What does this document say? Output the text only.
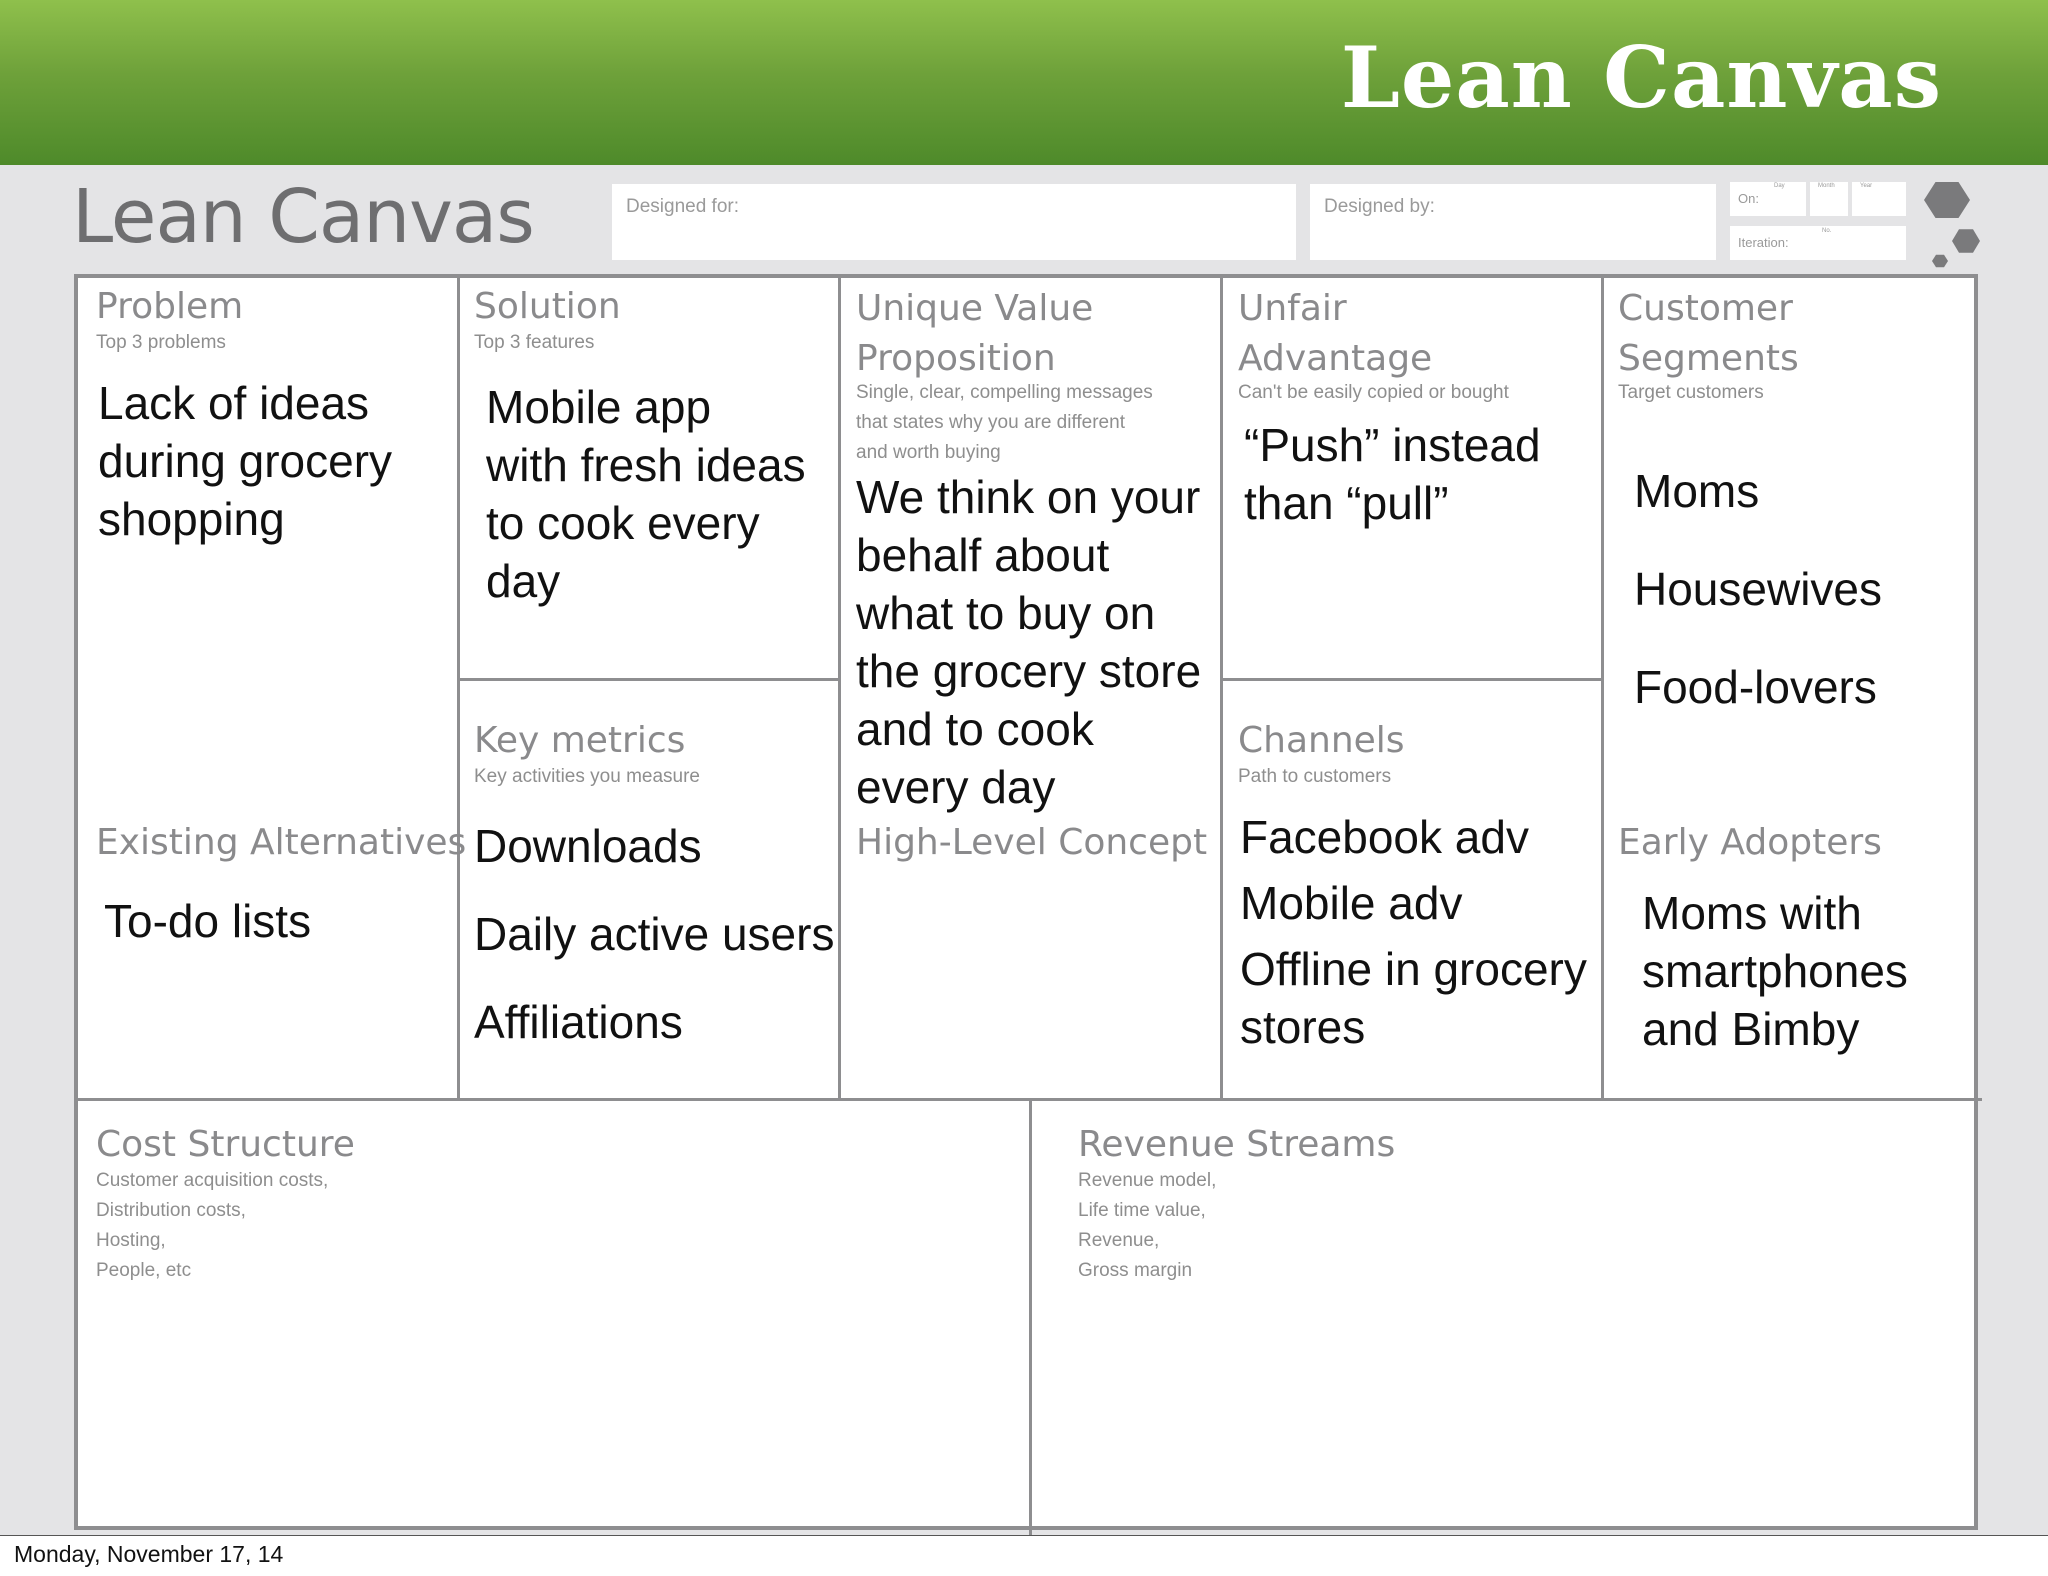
Lean Canvas
Lean Canvas	Designed for:	Designed by:	On:
Day	Month	Year
Iteration:
No.
Problem
Top 3 problems
Lack of ideas
during grocery
shopping
Existing Alternatives
To-do lists
Solution
Top 3 features
Mobile app
with fresh ideas
to cook every
day
Key metrics
Key activities you measure
Downloads
Daily active users
Affiliations
Unique Value
Proposition
Single, clear, compelling messages
that states why you are different
and worth buying
We think on your
behalf about
what to buy on
the grocery store
and to cook
every day
High-Level Concept
Unfair
Advantage
Can't be easily copied or bought
“Push” instead
than “pull”
Channels
Path to customers
Facebook adv
Mobile adv
Offline in grocery
stores
Customer
Segments
Target customers
Moms
Housewives
Food-lovers
Early Adopters
Moms with
smartphones
and Bimby
Cost Structure
Customer acquisition costs,
Distribution costs,
Hosting,
People, etc
Revenue Streams
Revenue model,
Life time value,
Revenue,
Gross margin
Monday, November 17, 14
